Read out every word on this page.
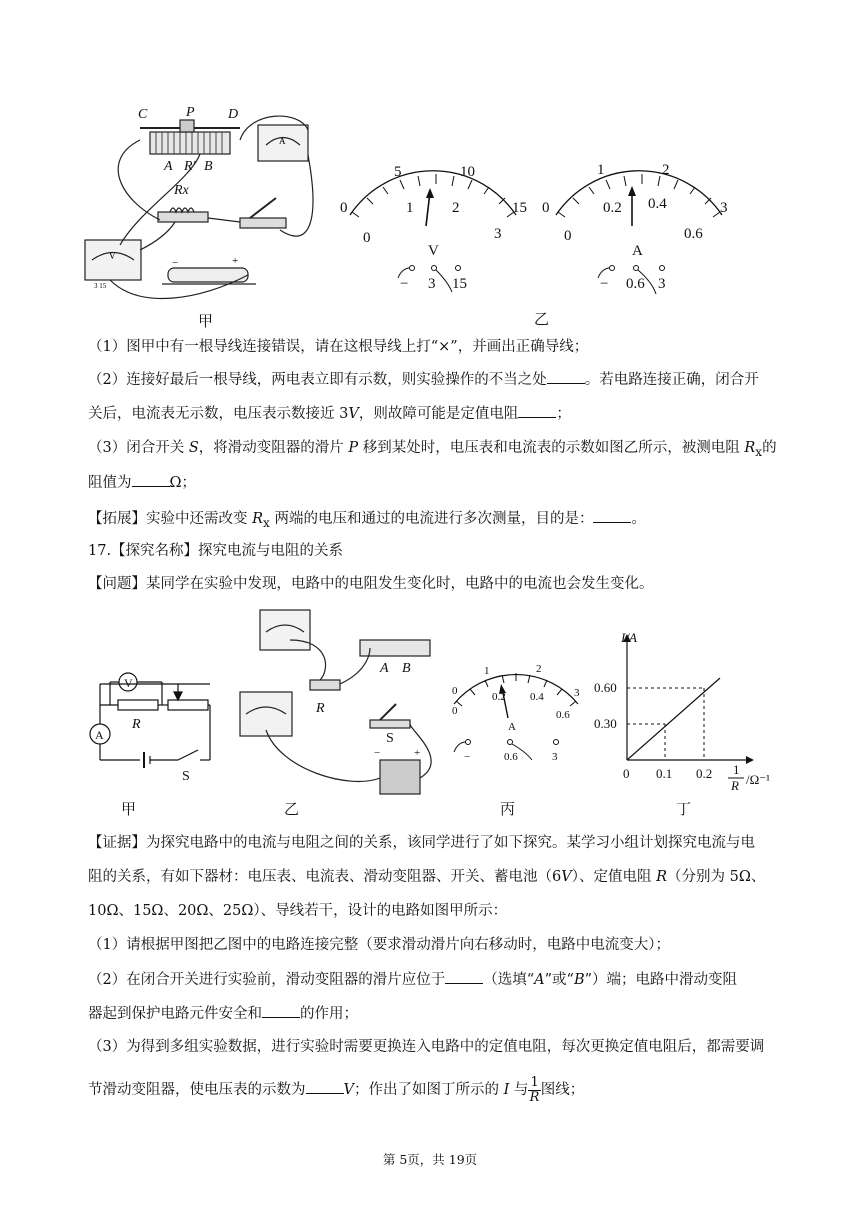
C	P D
A R′ B
Rx
A
V
3 15
−	+
0
5	10
15
0
1	2
3
V
− 3 15
0
1	2
3
0
0.2 0.4
0.6
A
− 0.6 3
甲	乙
（1）图甲中有一根导线连接错误，请在这根导线上打“×”，并画出正确导线；
（2）连接好最后一根导线，两电表立即有示数，则实验操作的不当之处	。若电路连接正确，闭合开
关后，电流表无示数，电压表示数接近 3V，则故障可能是定值电阻	；
（3）闭合开关 S，将滑动变阻器的滑片 P 移到某处时，电压表和电流表的示数如图乙所示，被测电阻 $R_x$的
阻值为	Ω；
【拓展】实验中还需改变 $R_x$ 两端的电压和通过的电流进行多次测量，目的是：	。
17.【探究名称】探究电流与电阻的关系
【问题】某同学在实验中发现，电路中的电阻发生变化时，电路中的电流也会发生变化。
V
A
R
S
R
A B
S
−	+
0
0.2 0.4
0.6
0
1	2
3
A
−	0.6	3
I/A
0.60
0.30
0 0.1 0.2 1
R /Ω⁻¹
甲	乙	丙	丁
【证据】为探究电路中的电流与电阻之间的关系，该同学进行了如下探究。某学习小组计划探究电流与电
阻的关系，有如下器材：电压表、电流表、滑动变阻器、开关、蓄电池（6V）、定值电阻 R（分别为 5Ω、
10Ω、15Ω、20Ω、25Ω）、导线若干，设计的电路如图甲所示：
（1）请根据甲图把乙图中的电路连接完整（要求滑动滑片向右移动时，电路中电流变大）；
（2）在闭合开关进行实验前，滑动变阻器的滑片应位于	（选填“A”或“B”）端；电路中滑动变阻
器起到保护电路元件安全和	的作用；
（3）为得到多组实验数据，进行实验时需要更换连入电路中的定值电阻，每次更换定值电阻后，都需要调
节滑动变阻器，使电压表的示数为	V；作出了如图丁所示的 I 与 $\frac{1}{R}$ 图线；
第 5页，共 19页
